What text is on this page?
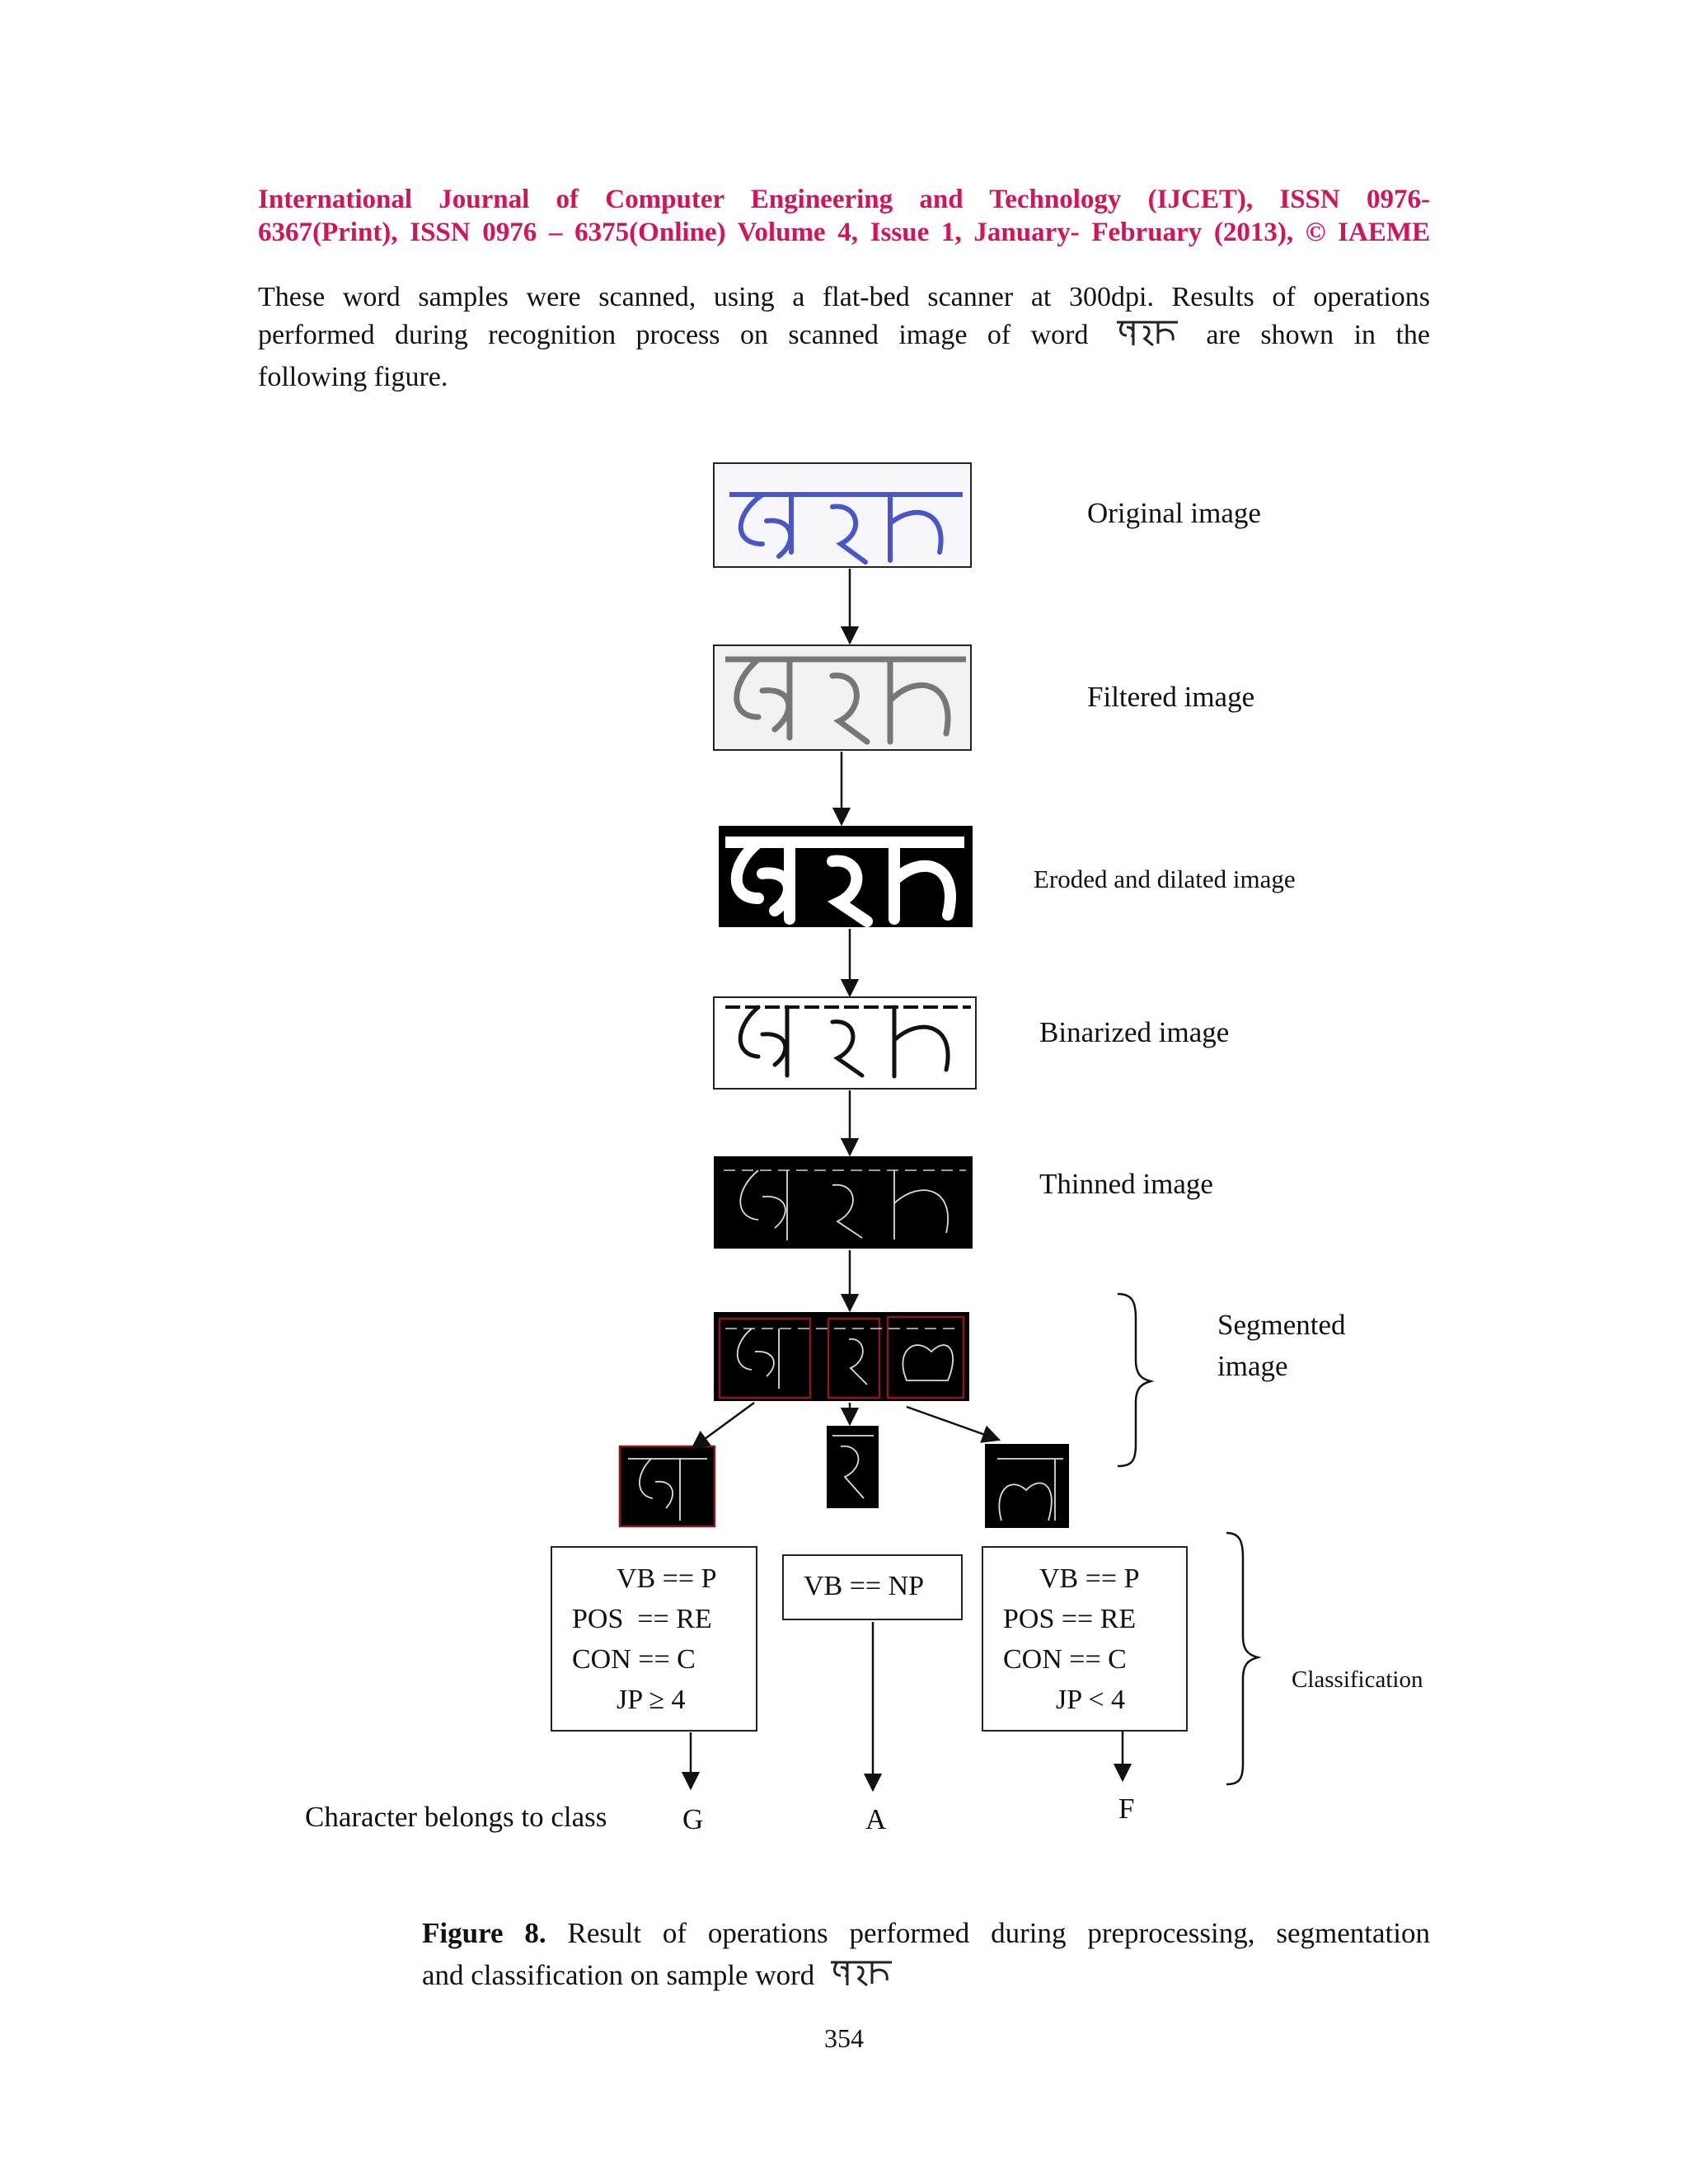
International Journal of Computer Engineering and Technology (IJCET), ISSN 0976-
6367(Print), ISSN 0976 – 6375(Online) Volume 4, Issue 1, January- February (2013), © IAEME
These word samples were scanned, using a flat-bed scanner at 300dpi. Results of operations
performed during recognition process on scanned image of word	are shown in the
following figure.
Original image
Filtered image
Eroded and dilated image
Binarized image
Thinned image
Segmented
image
Classification
VB == P
POS  == RE
CON == C
JP ≥ 4
VB == NP	VB == P
POS == RE
CON == C
JP < 4
Character belongs to class	G	A	F
Figure 8. Result of operations performed during preprocessing, segmentation
and classification on sample word
354
